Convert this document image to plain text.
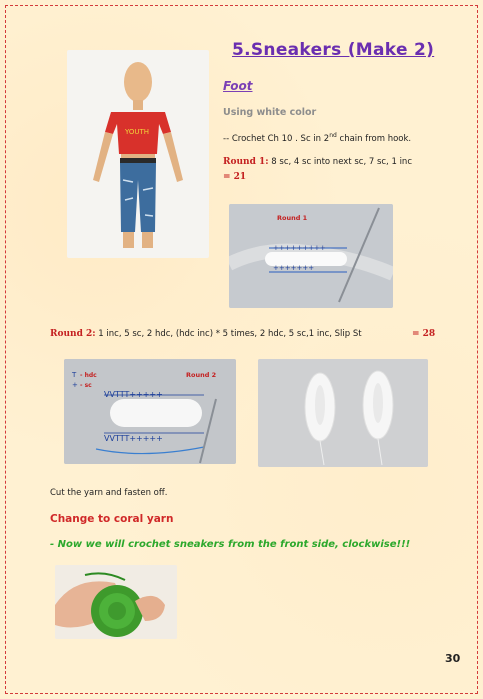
YOUTH
5.Sneakers (Make 2)
Foot
Using white color
-- Crochet Ch 10 . Sc in 2nd chain from hook.
Round 1: 8 sc, 4 sc into next sc, 7 sc, 1 inc
= 21
Round 1
+++++++++
+++++++
Round 2: 1 inc, 5 sc, 2 hdc, (hdc inc) * 5 times, 2 hdc, 5 sc,1 inc, Slip St	= 28
T - hdc
+ - sc
Round 2
VVTTT+++++
VVTTT+++++
Cut the yarn and fasten off.
Change to coral yarn
- Now we will crochet sneakers from the front side, clockwise!!!
30
